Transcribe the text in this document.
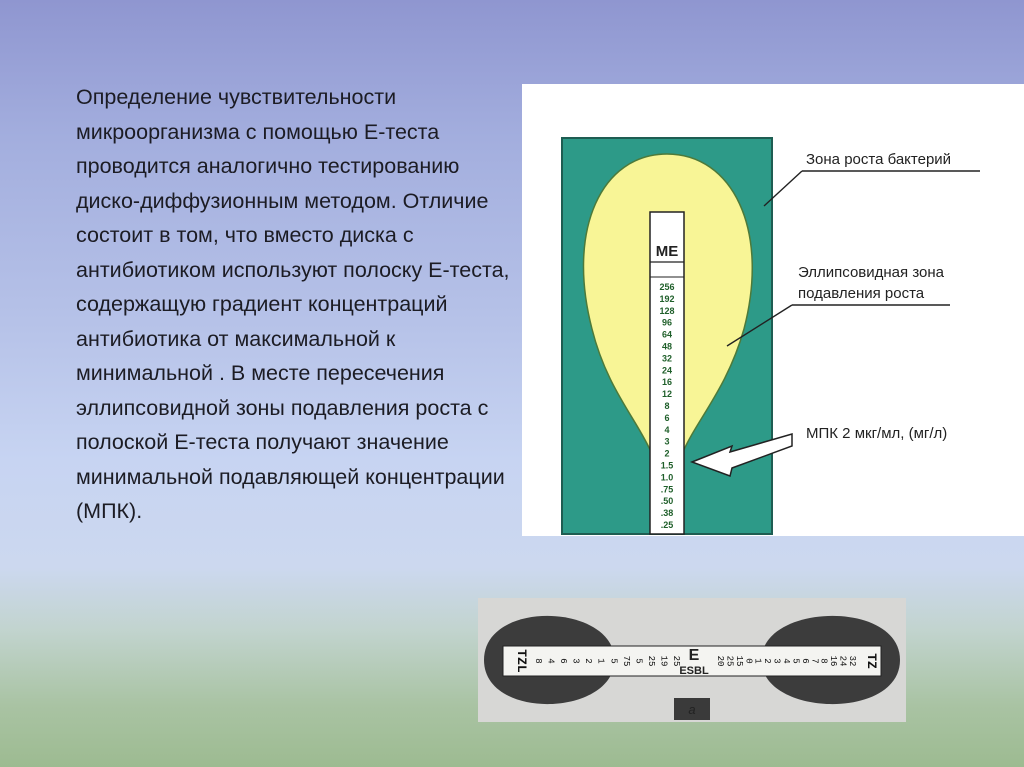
Определение чувствительности микроорганизма с помощью Е-теста проводится аналогично тестированию диско-диффузионным методом. Отличие состоит в том, что вместо диска с антибиотиком используют полоску Е-теста, содержащую градиент концентраций антибиотика от максимальной к минимальной . В месте пересечения эллипсовидной зоны подавления роста с полоской Е-теста получают значение минимальной подавляющей концентрации (МПК).

ME
256
192
128
96
64
48
32
24
16
12
8
6
4
3
2
1.5
1.0
.75
.50
.38
.25
Зона роста бактерий
Эллипсовидная зона
подавления роста
МПК 2 мкг/мл, (мг/л)
TZL 8 4 6 3 2 1 5 75 5 25 19 25 E
ESBL
20 25 15 0 1 2 3 4 5 6 7 8 16 24 32 TZ
a
